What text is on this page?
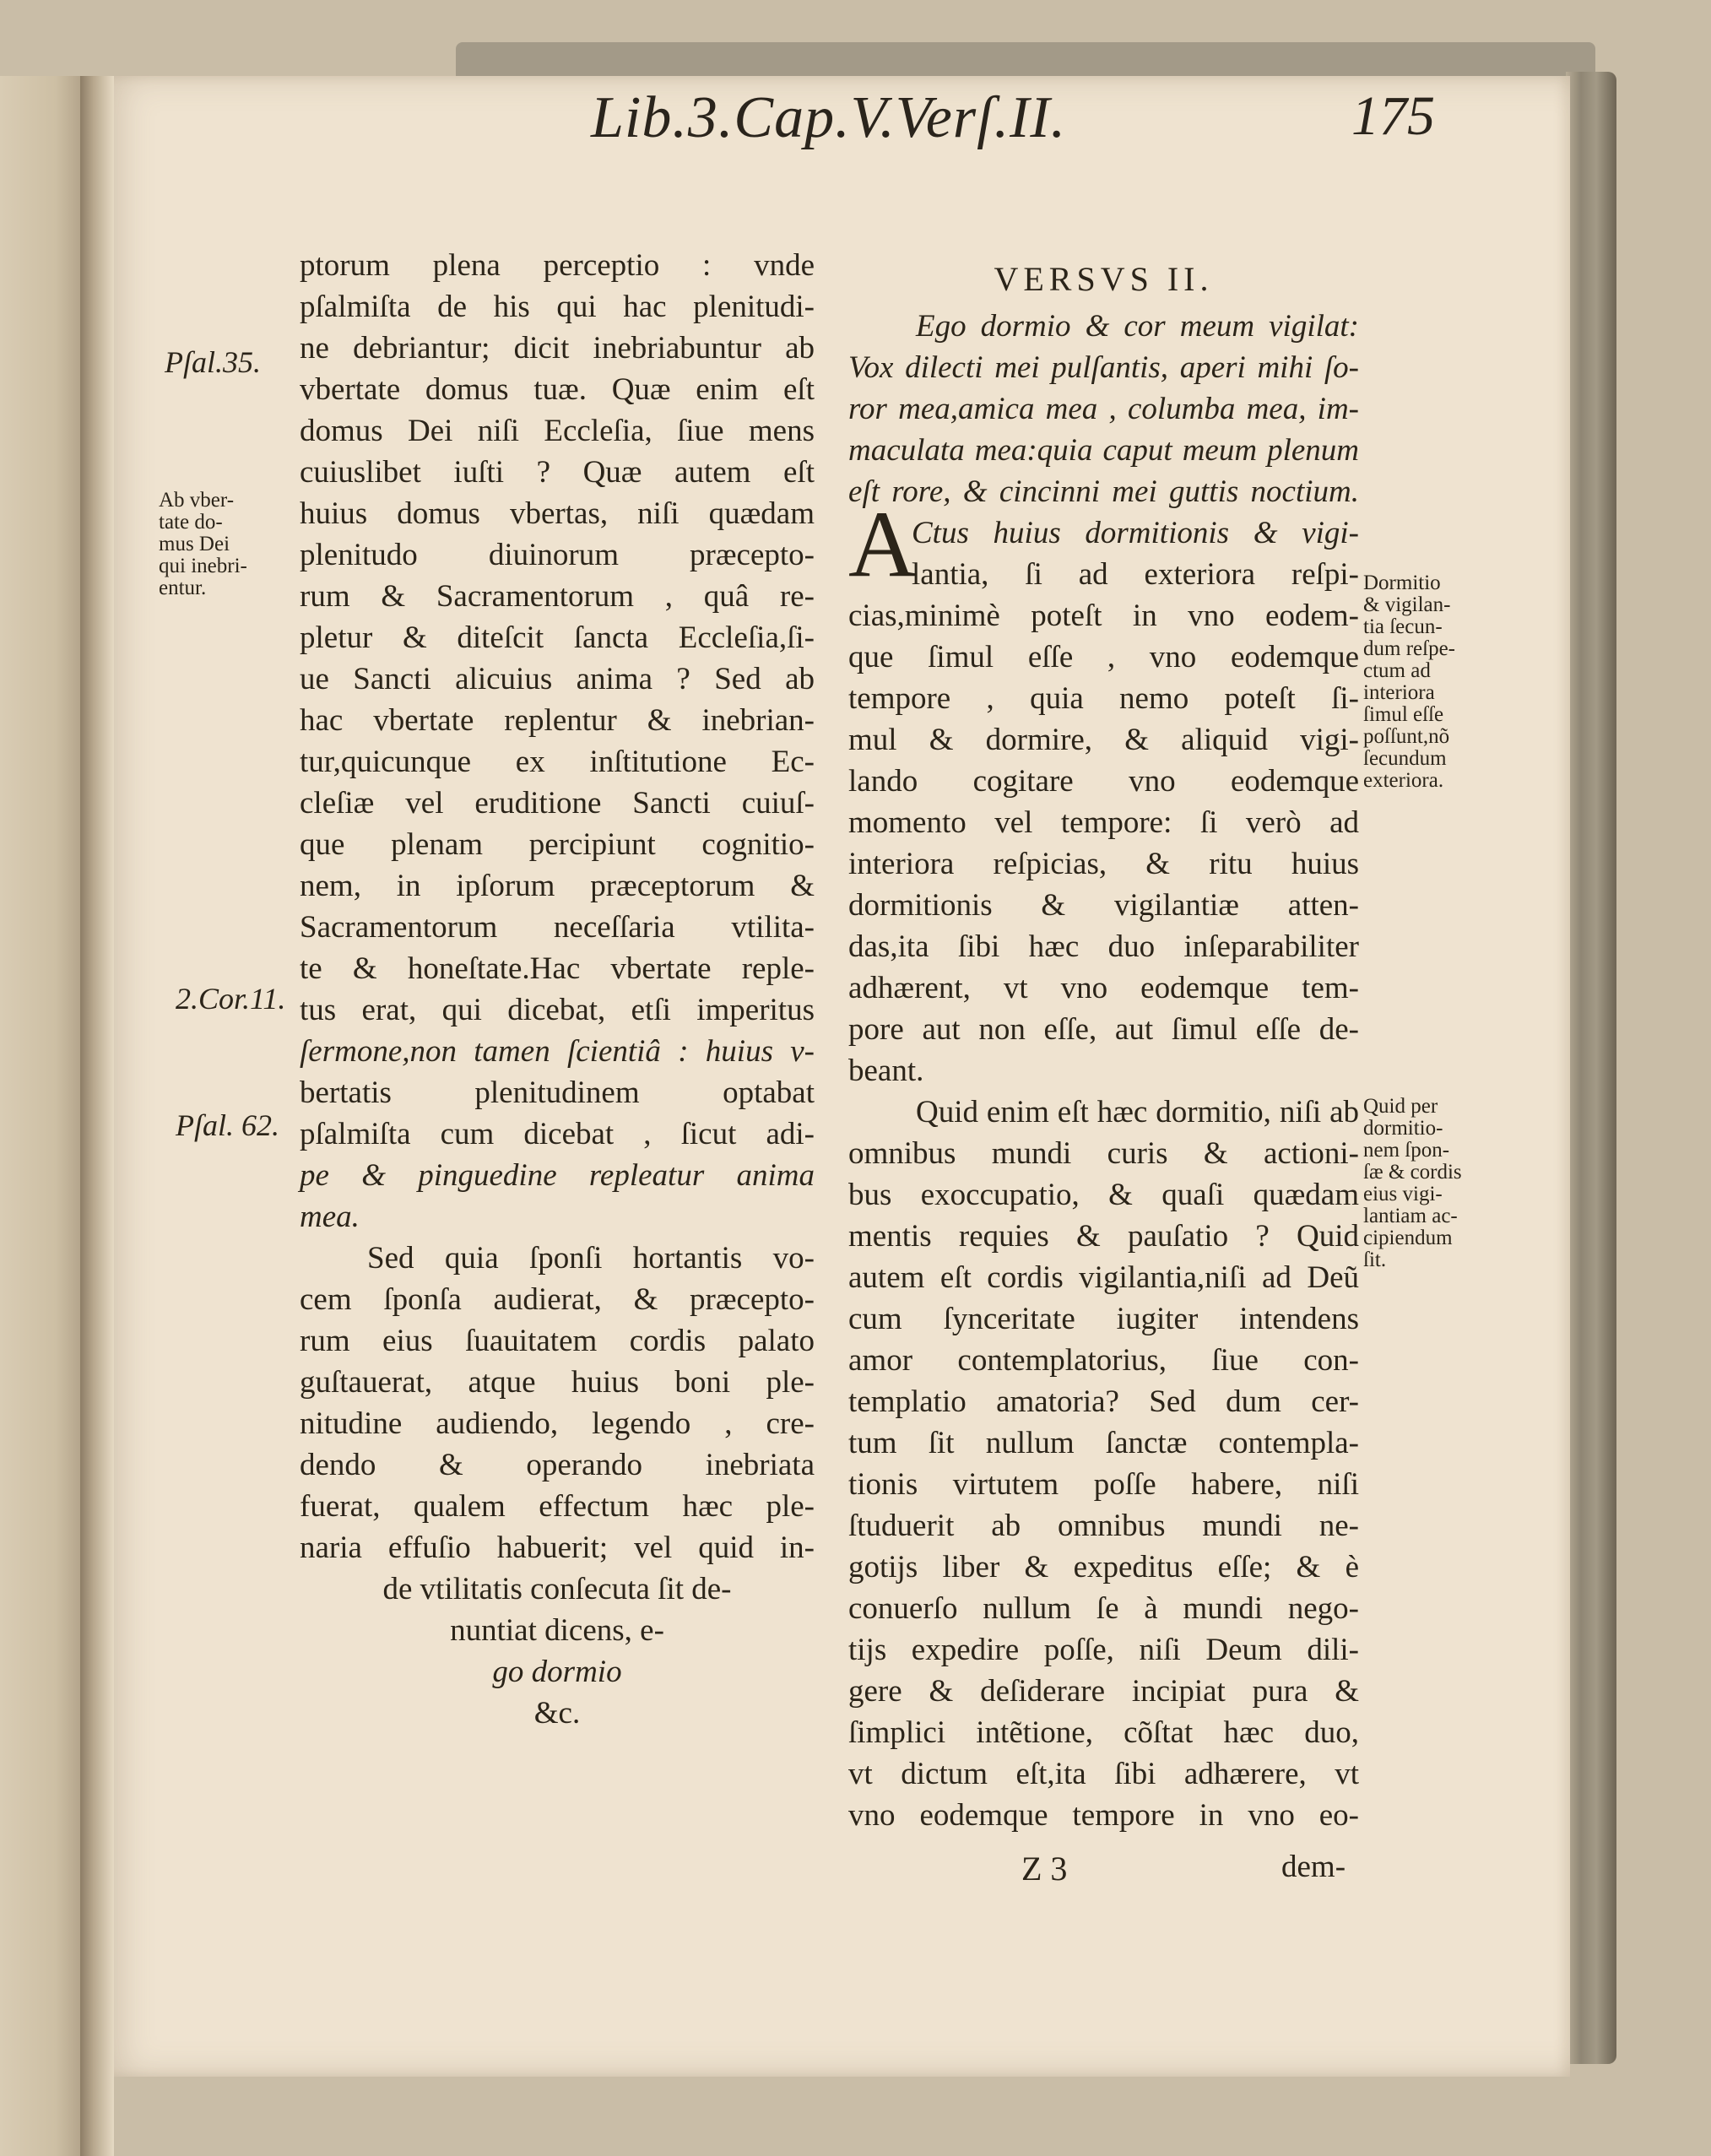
Lib.3.Cap.V.Verſ.II.	175
Pſal.35.
Ab vber-
tate do-
mus Dei
qui inebri-
entur.
2.Cor.11.
Pſal. 62.
ptorum plena perceptio : vnde
pſalmiſta de his qui hac plenitudi-
ne debriantur; dicit inebriabuntur ab
vbertate domus tuæ. Quæ enim eſt
domus Dei niſi Eccleſia, ſiue mens
cuiuslibet iuſti ? Quæ autem eſt
huius domus vbertas, niſi quædam
plenitudo diuinorum præcepto-
rum & Sacramentorum , quâ re-
pletur & diteſcit ſancta Eccleſia,ſi-
ue Sancti alicuius anima ? Sed ab
hac vbertate replentur & inebrian-
tur,quicunque ex inſtitutione Ec-
cleſiæ vel eruditione Sancti cuiuſ-
que plenam percipiunt cognitio-
nem, in ipſorum præceptorum &
Sacramentorum neceſſaria vtilita-
te & honeſtate.Hac vbertate reple-
tus erat, qui dicebat, etſi imperitus
ſermone,non tamen ſcientiâ : huius v-
bertatis plenitudinem optabat
pſalmiſta cum dicebat , ſicut adi-
pe & pinguedine repleatur anima
mea.
Sed quia ſponſi hortantis vo-
cem ſponſa audierat, & præcepto-
rum eius ſuauitatem cordis palato
guſtauerat, atque huius boni ple-
nitudine audiendo, legendo , cre-
dendo & operando inebriata
fuerat, qualem effectum hæc ple-
naria effuſio habuerit; vel quid in-
de vtilitatis conſecuta ſit de-
nuntiat dicens, e-
go dormio
&c.
VERSVS II.
Ego dormio & cor meum vigilat:
Vox dilecti mei pulſantis, aperi mihi ſo-
ror mea,amica mea , columba mea, im-
maculata mea:quia caput meum plenum
eſt rore, & cincinni mei guttis noctium.
A
Ctus huius dormitionis & vigi-
lantia, ſi ad exteriora reſpi-
cias,minimè poteſt in vno eodem-
que ſimul eſſe , vno eodemque
tempore , quia nemo poteſt ſi-
mul & dormire, & aliquid vigi-
lando cogitare vno eodemque
momento vel tempore: ſi verò ad
interiora reſpicias, & ritu huius
dormitionis & vigilantiæ atten-
das,ita ſibi hæc duo inſeparabiliter
adhærent, vt vno eodemque tem-
pore aut non eſſe, aut ſimul eſſe de-
beant.
Quid enim eſt hæc dormitio, niſi ab
omnibus mundi curis & actioni-
bus exoccupatio, & quaſi quædam
mentis requies & pauſatio ? Quid
autem eſt cordis vigilantia,niſi ad Deũ
cum ſynceritate iugiter intendens
amor contemplatorius, ſiue con-
templatio amatoria? Sed dum cer-
tum ſit nullum ſanctæ contempla-
tionis virtutem poſſe habere, niſi
ſtuduerit ab omnibus mundi ne-
gotijs liber & expeditus eſſe; & è
conuerſo nullum ſe à mundi nego-
tijs expedire poſſe, niſi Deum dili-
gere & deſiderare incipiat pura &
ſimplici intẽtione, cõſtat hæc duo,
vt dictum eſt,ita ſibi adhærere, vt
vno eodemque tempore in vno eo-
Dormitio
& vigilan-
tia ſecun-
dum reſpe-
ctum ad
interiora
ſimul eſſe
poſſunt,nõ
ſecundum
exteriora.
Quid per
dormitio-
nem ſpon-
ſæ & cordis
eius vigi-
lantiam ac-
cipiendum
ſit.
Z 3	dem-
